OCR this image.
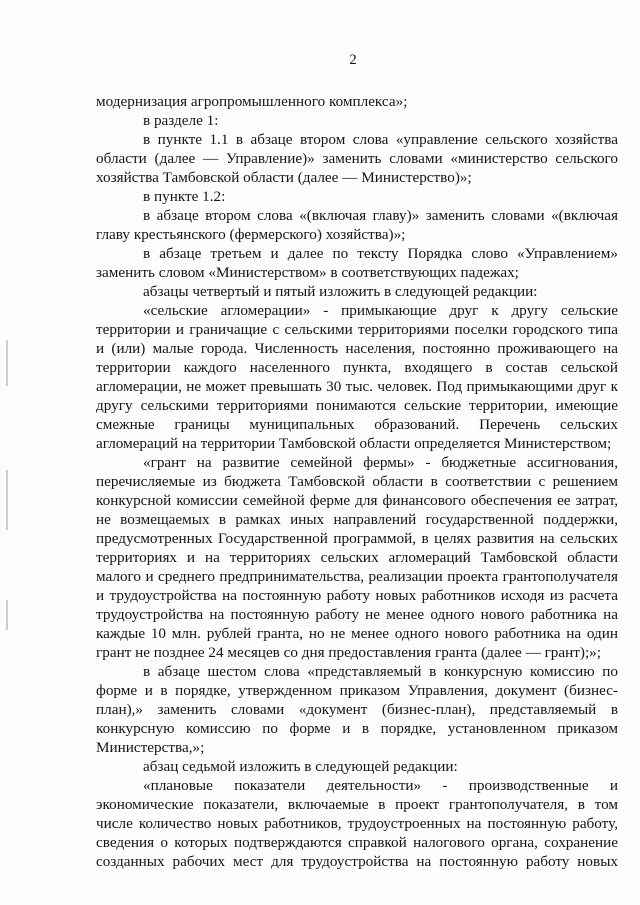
2
модернизация агропромышленного комплекса»;
в разделе 1:
в пункте 1.1 в абзаце втором слова «управление сельского хозяйства
области (далее — Управление)» заменить словами «министерство сельского
хозяйства Тамбовской области (далее — Министерство)»;
в пункте 1.2:
в абзаце втором слова «(включая главу)» заменить словами «(включая
главу крестьянского (фермерского) хозяйства)»;
в абзаце третьем и далее по тексту Порядка слово «Управлением»
заменить словом «Министерством» в соответствующих падежах;
абзацы четвертый и пятый изложить в следующей редакции:
«сельские агломерации» - примыкающие друг к другу сельские
территории и граничащие с сельскими территориями поселки городского типа
и (или) малые города. Численность населения, постоянно проживающего на
территории каждого населенного пункта, входящего в состав сельской
агломерации, не может превышать 30 тыс. человек. Под примыкающими друг к
другу сельскими территориями понимаются сельские территории, имеющие
смежные границы муниципальных образований. Перечень сельских
агломераций на территории Тамбовской области определяется Министерством;
«грант на развитие семейной фермы» - бюджетные ассигнования,
перечисляемые из бюджета Тамбовской области в соответствии с решением
конкурсной комиссии семейной ферме для финансового обеспечения ее затрат,
не возмещаемых в рамках иных направлений государственной поддержки,
предусмотренных Государственной программой, в целях развития на сельских
территориях и на территориях сельских агломераций Тамбовской области
малого и среднего предпринимательства, реализации проекта грантополучателя
и трудоустройства на постоянную работу новых работников исходя из расчета
трудоустройства на постоянную работу не менее одного нового работника на
каждые 10 млн. рублей гранта, но не менее одного нового работника на один
грант не позднее 24 месяцев со дня предоставления гранта (далее — грант);»;
в абзаце шестом слова «представляемый в конкурсную комиссию по
форме и в порядке, утвержденном приказом Управления, документ (бизнес-
план),» заменить словами «документ (бизнес-план), представляемый в
конкурсную комиссию по форме и в порядке, установленном приказом
Министерства,»;
абзац седьмой изложить в следующей редакции:
«плановые показатели деятельности» - производственные и
экономические показатели, включаемые в проект грантополучателя, в том
числе количество новых работников, трудоустроенных на постоянную работу,
сведения о которых подтверждаются справкой налогового органа, сохранение
созданных рабочих мест для трудоустройства на постоянную работу новых
